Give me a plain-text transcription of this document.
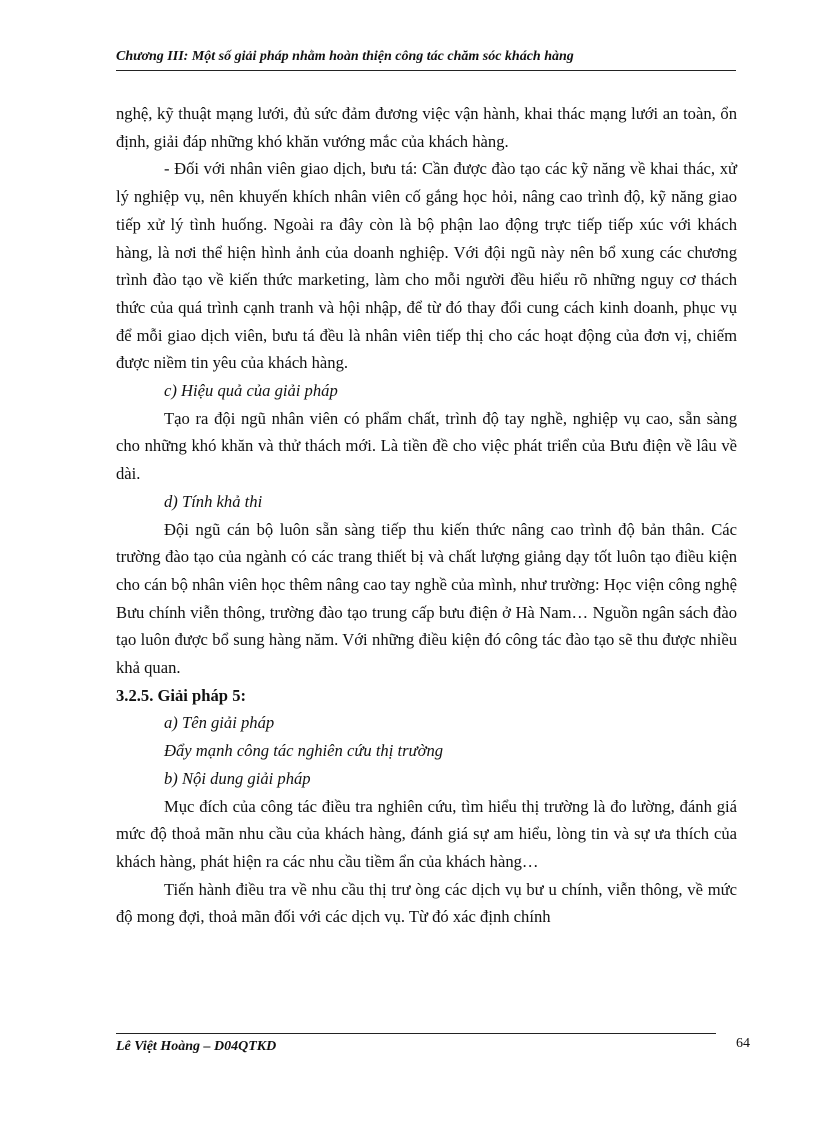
Chương III: Một số giải pháp nhằm hoàn thiện công tác chăm sóc khách hàng

nghệ, kỹ thuật mạng lưới, đủ sức đảm đương việc vận hành, khai thác mạng lưới an toàn, ổn định, giải đáp những khó khăn vướng mắc của khách hàng.

- Đối với nhân viên giao dịch, bưu tá: Cần được đào tạo các kỹ năng về khai thác, xử lý nghiệp vụ, nên khuyến khích nhân viên cố gắng học hỏi, nâng cao trình độ, kỹ năng giao tiếp xử lý tình huống. Ngoài ra đây còn là bộ phận lao động trực tiếp tiếp xúc với khách hàng, là nơi thể hiện hình ảnh của doanh nghiệp. Với đội ngũ này nên bổ xung các chương trình đào tạo về kiến thức marketing, làm cho mỗi người đều hiểu rõ những nguy cơ thách thức của quá trình cạnh tranh và hội nhập, để từ đó thay đổi cung cách kinh doanh, phục vụ để mỗi giao dịch viên, bưu tá đều là nhân viên tiếp thị cho các hoạt động của đơn vị, chiếm được niềm tin yêu của khách hàng.

c) Hiệu quả của giải pháp

Tạo ra đội ngũ nhân viên có phẩm chất, trình độ tay nghề, nghiệp vụ cao, sẵn sàng cho những khó khăn và thử thách mới. Là tiền đề cho việc phát triển của Bưu điện về lâu về dài.

d) Tính khả thi

Đội ngũ cán bộ luôn sẵn sàng tiếp thu kiến thức nâng cao trình độ bản thân. Các trường đào tạo của ngành có các trang thiết bị và chất lượng giảng dạy tốt luôn tạo điều kiện cho cán bộ nhân viên học thêm nâng cao tay nghề của mình, như trường: Học viện công nghệ Bưu chính viễn thông, trường đào tạo trung cấp bưu điện ở Hà Nam… Nguồn ngân sách đào tạo luôn được bổ sung hàng năm. Với những điều kiện đó công tác đào tạo sẽ thu được nhiều khả quan.

3.2.5. Giải pháp 5:

a) Tên giải pháp

Đẩy mạnh công tác nghiên cứu thị trường

b) Nội dung giải pháp

Mục đích của công tác điều tra nghiên cứu, tìm hiểu thị trường là đo lường, đánh giá mức độ thoả mãn nhu cầu của khách hàng, đánh giá sự am hiểu, lòng tin và sự ưa thích của khách hàng, phát hiện ra các nhu cầu tiềm ẩn của khách hàng…

Tiến hành điều tra về nhu cầu thị trư òng các dịch vụ bư u chính, viễn thông, về mức độ mong đợi, thoả mãn đối với các dịch vụ. Từ đó xác định chính

Lê Việt Hoàng – D04QTKD	64
